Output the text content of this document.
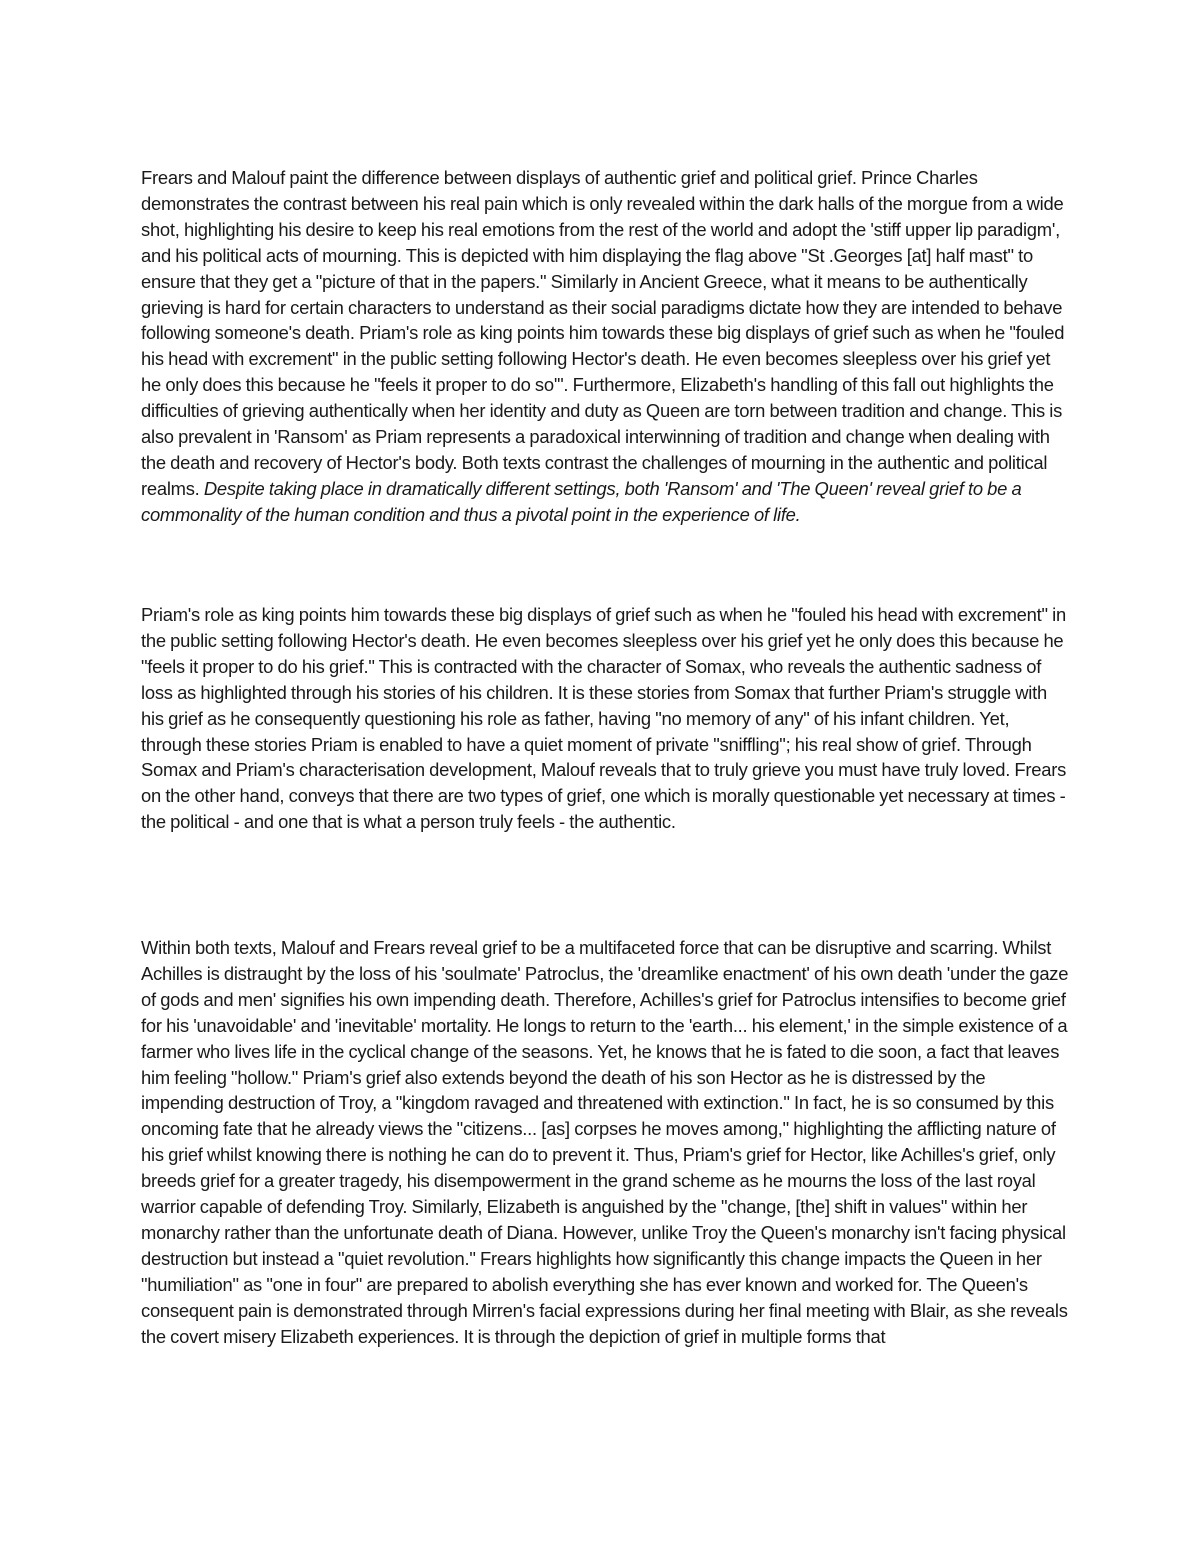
Frears and Malouf paint the difference between displays of authentic grief and political grief. Prince Charles demonstrates the contrast between his real pain which is only revealed within the dark halls of the morgue from a wide shot, highlighting his desire to keep his real emotions from the rest of the world and adopt the 'stiff upper lip paradigm', and his political acts of mourning. This is depicted with him displaying the flag above "St .Georges [at] half mast" to ensure that they get a "picture of that in the papers." Similarly in Ancient Greece, what it means to be authentically grieving is hard for certain characters to understand as their social paradigms dictate how they are intended to behave following someone's death. Priam's role as king points him towards these big displays of grief such as when he "fouled his head with excrement" in the public setting following Hector's death. He even becomes sleepless over his grief yet he only does this because he "feels it proper to do so'". Furthermore, Elizabeth's handling of this fall out highlights the difficulties of grieving authentically when her identity and duty as Queen are torn between tradition and change. This is also prevalent in 'Ransom' as Priam represents a paradoxical interwinning of tradition and change when dealing with the death and recovery of Hector's body. Both texts contrast the challenges of mourning in the authentic and political realms. Despite taking place in dramatically different settings, both 'Ransom' and 'The Queen' reveal grief to be a commonality of the human condition and thus a pivotal point in the experience of life.

Priam's role as king points him towards these big displays of grief such as when he "fouled his head with excrement" in the public setting following Hector's death. He even becomes sleepless over his grief yet he only does this because he "feels it proper to do his grief." This is contracted with the character of Somax, who reveals the authentic sadness of loss as highlighted through his stories of his children. It is these stories from Somax that further Priam's struggle with his grief as he consequently questioning his role as father, having "no memory of any" of his infant children. Yet, through these stories Priam is enabled to have a quiet moment of private "sniffling"; his real show of grief. Through Somax and Priam's characterisation development, Malouf reveals that to truly grieve you must have truly loved. Frears on the other hand, conveys that there are two types of grief, one which is morally questionable yet necessary at times - the political - and one that is what a person truly feels - the authentic.

Within both texts, Malouf and Frears reveal grief to be a multifaceted force that can be disruptive and scarring. Whilst Achilles is distraught by the loss of his 'soulmate' Patroclus, the 'dreamlike enactment' of his own death 'under the gaze of gods and men' signifies his own impending death. Therefore, Achilles's grief for Patroclus intensifies to become grief for his 'unavoidable' and 'inevitable' mortality. He longs to return to the 'earth... his element,' in the simple existence of a farmer who lives life in the cyclical change of the seasons. Yet, he knows that he is fated to die soon, a fact that leaves him feeling "hollow." Priam's grief also extends beyond the death of his son Hector as he is distressed by the impending destruction of Troy, a "kingdom ravaged and threatened with extinction." In fact, he is so consumed by this oncoming fate that he already views the "citizens... [as] corpses he moves among," highlighting the afflicting nature of his grief whilst knowing there is nothing he can do to prevent it. Thus, Priam's grief for Hector, like Achilles's grief, only breeds grief for a greater tragedy, his disempowerment in the grand scheme as he mourns the loss of the last royal warrior capable of defending Troy. Similarly, Elizabeth is anguished by the "change, [the] shift in values" within her monarchy rather than the unfortunate death of Diana. However, unlike Troy the Queen's monarchy isn't facing physical destruction but instead a "quiet revolution." Frears highlights how significantly this change impacts the Queen in her "humiliation" as "one in four" are prepared to abolish everything she has ever known and worked for. The Queen's consequent pain is demonstrated through Mirren's facial expressions during her final meeting with Blair, as she reveals the covert misery Elizabeth experiences. It is through the depiction of grief in multiple forms that
